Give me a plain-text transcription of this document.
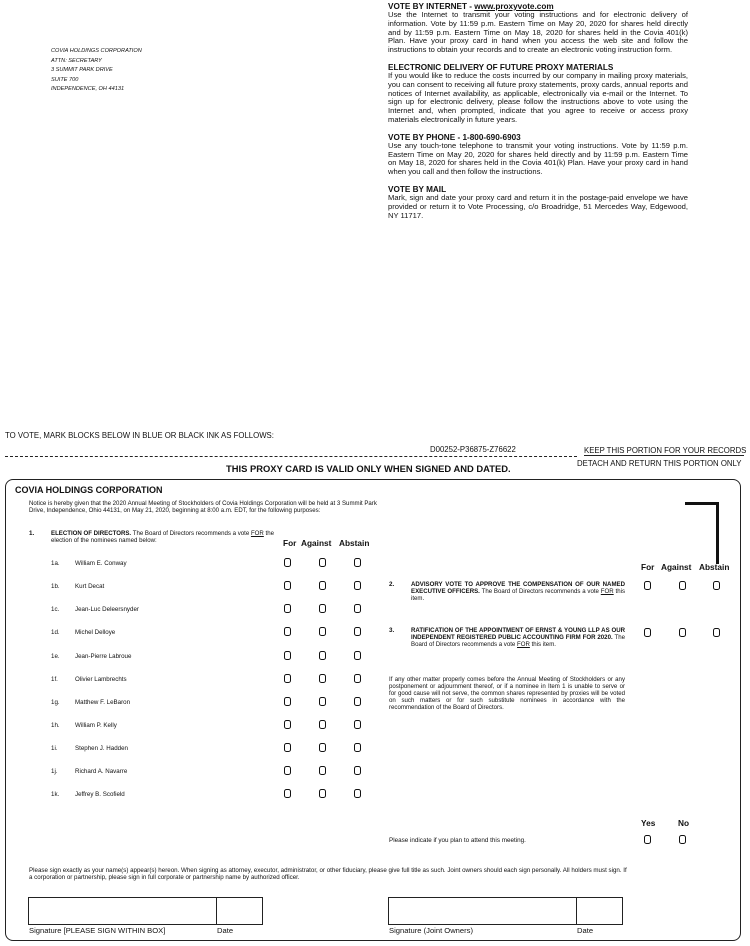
COVIA HOLDINGS CORPORATION
ATTN: SECRETARY
3 SUMMIT PARK DRIVE
SUITE 700
INDEPENDENCE, OH 44131
VOTE BY INTERNET - www.proxyvote.com

Use the Internet to transmit your voting instructions and for electronic delivery of information. Vote by 11:59 p.m. Eastern Time on May 20, 2020 for shares held directly and by 11:59 p.m. Eastern Time on May 18, 2020 for shares held in the Covia 401(k) Plan. Have your proxy card in hand when you access the web site and follow the instructions to obtain your records and to create an electronic voting instruction form.

ELECTRONIC DELIVERY OF FUTURE PROXY MATERIALS

If you would like to reduce the costs incurred by our company in mailing proxy materials, you can consent to receiving all future proxy statements, proxy cards, annual reports and notices of Internet availability, as applicable, electronically via e-mail or the Internet. To sign up for electronic delivery, please follow the instructions above to vote using the Internet and, when prompted, indicate that you agree to receive or access proxy materials electronically in future years.

VOTE BY PHONE - 1-800-690-6903

Use any touch-tone telephone to transmit your voting instructions. Vote by 11:59 p.m. Eastern Time on May 20, 2020 for shares held directly and by 11:59 p.m. Eastern Time on May 18, 2020 for shares held in the Covia 401(k) Plan. Have your proxy card in hand when you call and then follow the instructions.

VOTE BY MAIL

Mark, sign and date your proxy card and return it in the postage-paid envelope we have provided or return it to Vote Processing, c/o Broadridge, 51 Mercedes Way, Edgewood, NY 11717.

TO VOTE, MARK BLOCKS BELOW IN BLUE OR BLACK INK AS FOLLOWS:
D00252-P36875-Z76622	KEEP THIS PORTION FOR YOUR RECORDS
DETACH AND RETURN THIS PORTION ONLY
THIS PROXY CARD IS VALID ONLY WHEN SIGNED AND DATED.
COVIA HOLDINGS CORPORATION
Notice is hereby given that the 2020 Annual Meeting of Stockholders of Covia Holdings Corporation will be held at 3 Summit Park Drive, Independence, Ohio 44131, on May 21, 2020, beginning at 8:00 a.m. EDT, for the following purposes:
1.	ELECTION OF DIRECTORS. The Board of Directors recommends a vote FOR the election of the nominees named below:	For Against Abstain
1a. William E. Conway
1b. Kurt Decat
1c.	Jean-Luc Deleersnyder
1d. Michel Delloye
1e. Jean-Pierre Labroue
1f.	Olivier Lambrechts
1g. Matthew F. LeBaron
1h. William P. Kelly
1i.	Stephen J. Hadden
1j.	Richard A. Navarre
1k.	Jeffrey B. Scofield
For Against Abstain
2.	ADVISORY VOTE TO APPROVE THE COMPENSATION OF OUR NAMED EXECUTIVE OFFICERS. The Board of Directors recommends a vote FOR this item.
3.	RATIFICATION OF THE APPOINTMENT OF ERNST & YOUNG LLP AS OUR INDEPENDENT REGISTERED PUBLIC ACCOUNTING FIRM FOR 2020. The Board of Directors recommends a vote FOR this item.
If any other matter properly comes before the Annual Meeting of Stockholders or any postponement or adjournment thereof, or if a nominee in Item 1 is unable to serve or for good cause will not serve, the common shares represented by proxies will be voted on such matters or for such substitute nominees in accordance with the recommendation of the Board of Directors.
Yes	No
Please indicate if you plan to attend this meeting.
Please sign exactly as your name(s) appear(s) hereon. When signing as attorney, executor, administrator, or other fiduciary, please give full title as such. Joint owners should each sign personally. All holders must sign. If a corporation or partnership, please sign in full corporate or partnership name by authorized officer.
Signature [PLEASE SIGN WITHIN BOX]	Date	Signature (Joint Owners)	Date
